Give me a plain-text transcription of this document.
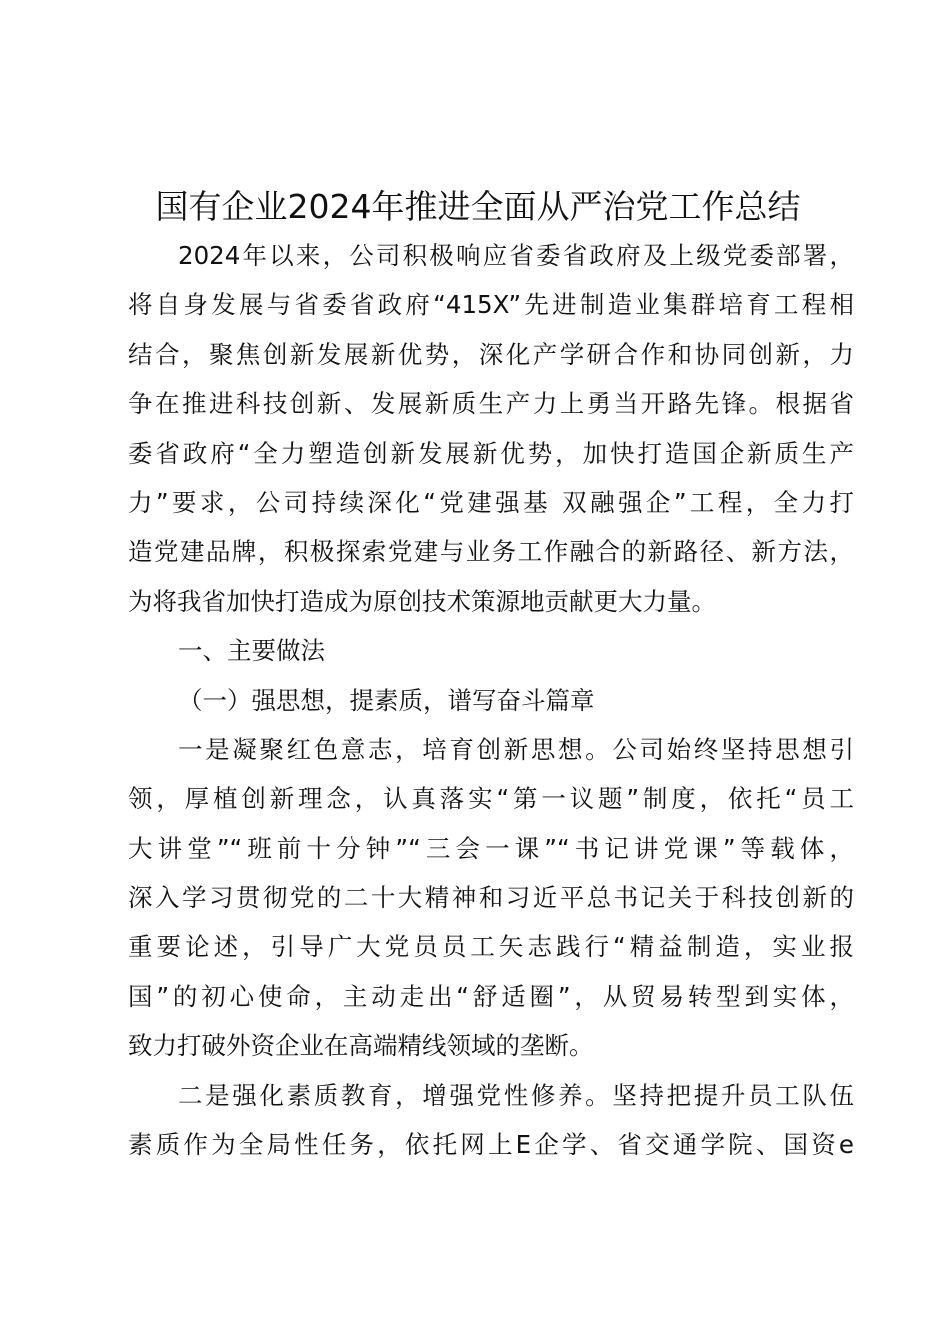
国有企业2024年推进全面从严治党工作总结
2024年以来，公司积极响应省委省政府及上级党委部署，
将自身发展与省委省政府“415X”先进制造业集群培育工程相
结合，聚焦创新发展新优势，深化产学研合作和协同创新，力
争在推进科技创新、发展新质生产力上勇当开路先锋。根据省
委省政府“全力塑造创新发展新优势，加快打造国企新质生产
力”要求，公司持续深化“党建强基 双融强企”工程，全力打
造党建品牌，积极探索党建与业务工作融合的新路径、新方法，
为将我省加快打造成为原创技术策源地贡献更大力量。
一、主要做法
（一）强思想，提素质，谱写奋斗篇章
一是凝聚红色意志，培育创新思想。公司始终坚持思想引
领，厚植创新理念，认真落实“第一议题”制度，依托“员工
大讲堂”“班前十分钟”“三会一课”“书记讲党课”等载体，
深入学习贯彻党的二十大精神和习近平总书记关于科技创新的
重要论述，引导广大党员员工矢志践行“精益制造，实业报
国”的初心使命，主动走出“舒适圈”，从贸易转型到实体，
致力打破外资企业在高端精线领域的垄断。
二是强化素质教育，增强党性修养。坚持把提升员工队伍
素质作为全局性任务，依托网上E企学、省交通学院、国资e
